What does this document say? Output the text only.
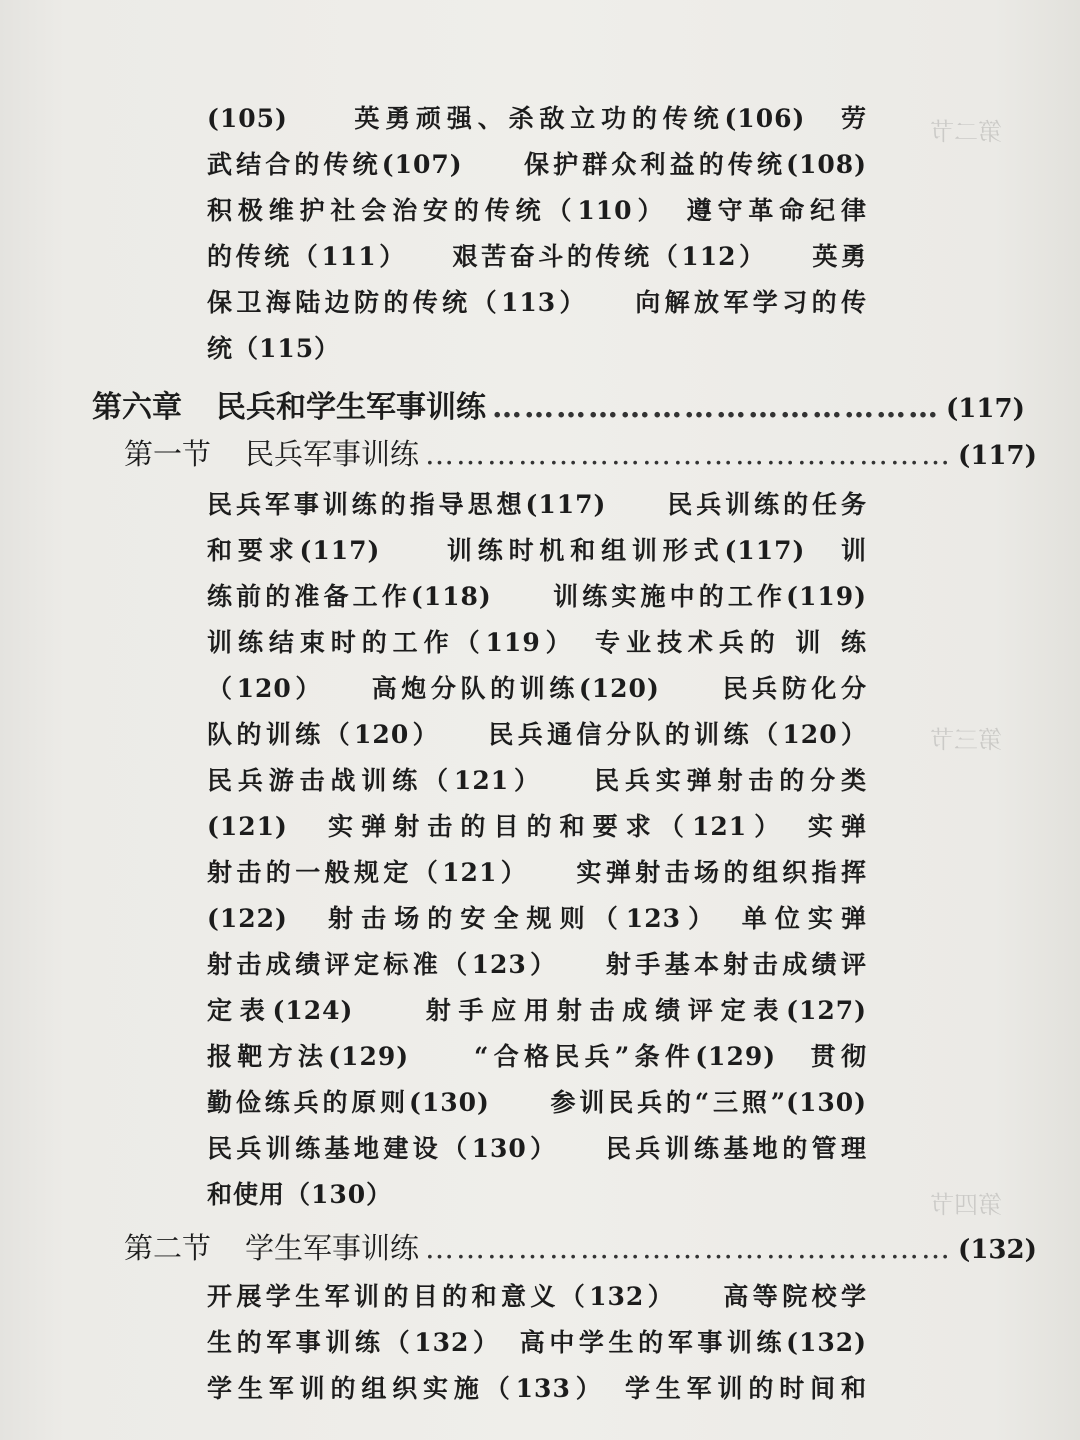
第二节
第三节
第四节
(105)　　英勇顽强、杀敌立功的传统(106)　劳
武结合的传统(107)　　保护群众利益的传统(108)
积极维护社会治安的传统（110）　遵守革命纪律
的传统（111）　　艰苦奋斗的传统（112）　　英勇
保卫海陆边防的传统（113）　　向解放军学习的传
统（115）
第六章 民兵和学生军事训练 …………………………………… (117)
第一节 民兵军事训练 …………………………………………… (117)
民兵军事训练的指导思想(117)　　民兵训练的任务
和要求(117)　　训练时机和组训形式(117)　训
练前的准备工作(118)　　训练实施中的工作(119)
训练结束时的工作（119）　专业技术兵的 训 练
（120）　　高炮分队的训练(120)　　民兵防化分
队的训练（120）　　民兵通信分队的训练（120）
民兵游击战训练（121）　　民兵实弹射击的分类
(121)　实弹射击的目的和要求（121）　实弹
射击的一般规定（121）　　实弹射击场的组织指挥
(122)　射击场的安全规则（123）　单位实弹
射击成绩评定标准（123）　　射手基本射击成绩评
定表(124)　　射手应用射击成绩评定表(127)
报靶方法(129)　　“合格民兵”条件(129)　贯彻
勤俭练兵的原则(130)　　参训民兵的“三照”(130)
民兵训练基地建设（130）　　民兵训练基地的管理
和使用（130）
第二节 学生军事训练 …………………………………………… (132)
开展学生军训的目的和意义（132）　　高等院校学
生的军事训练（132）　高中学生的军事训练(132)
学生军训的组织实施（133）　学生军训的时间和
